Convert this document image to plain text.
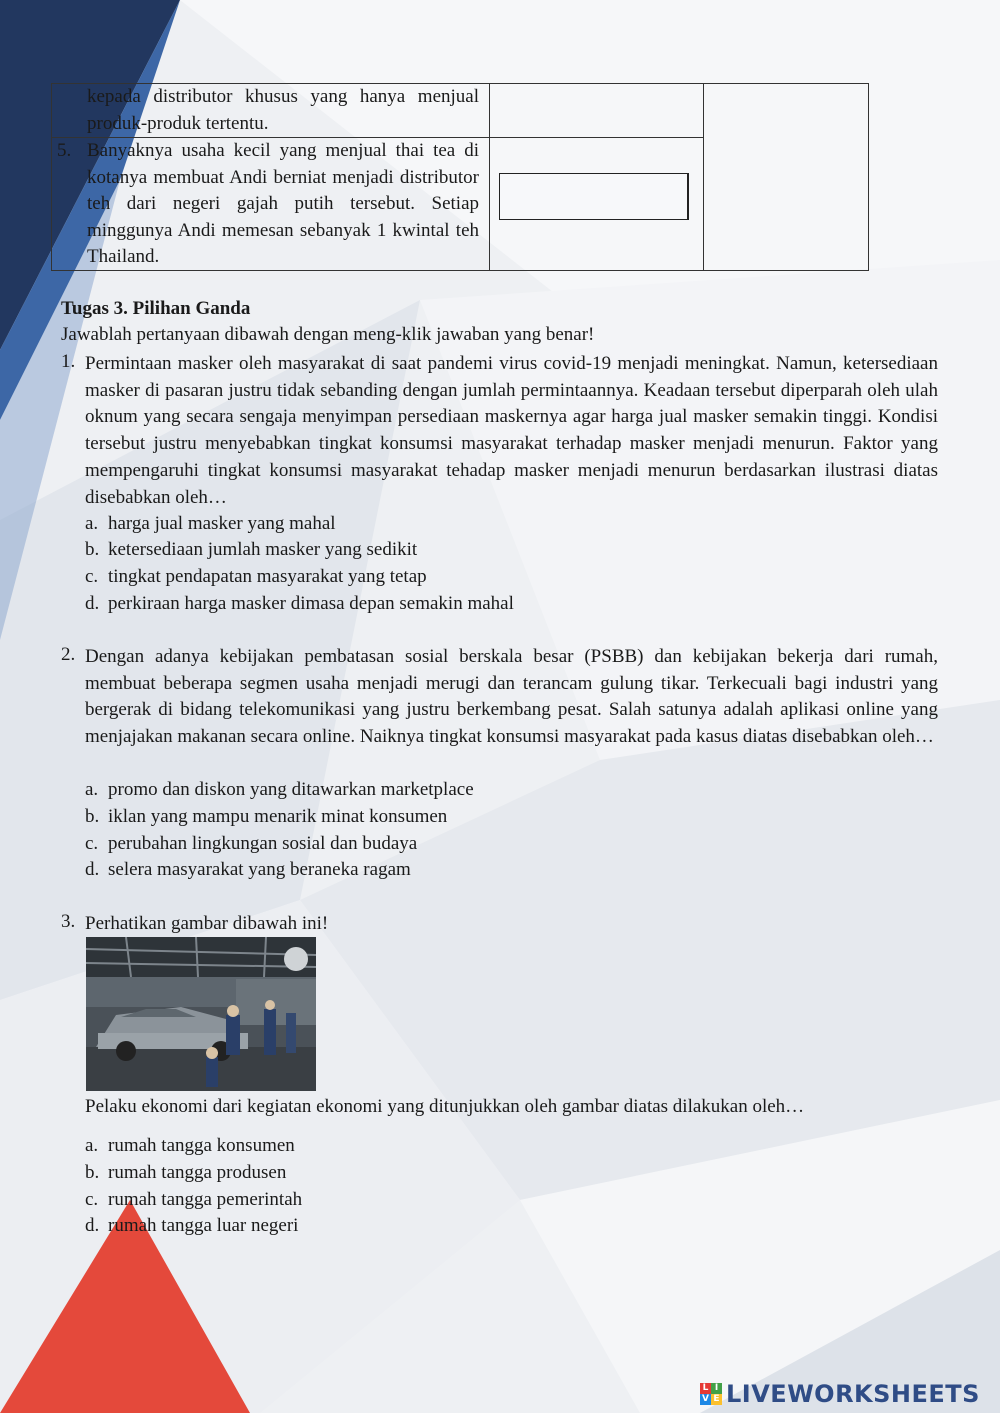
kepada distributor khusus yang hanya menjual produk-produk tertentu.
5. Banyaknya usaha kecil yang menjual thai tea di kotanya membuat Andi berniat menjadi distributor teh dari negeri gajah putih tersebut. Setiap minggunya Andi memesan sebanyak 1 kwintal teh Thailand.
Tugas 3. Pilihan Ganda
Jawablah pertanyaan dibawah dengan meng-klik jawaban yang benar!
1. Permintaan masker oleh masyarakat di saat pandemi virus covid-19 menjadi meningkat. Namun, ketersediaan masker di pasaran justru tidak sebanding dengan jumlah permintaannya. Keadaan tersebut diperparah oleh ulah oknum yang secara sengaja menyimpan persediaan maskernya agar harga jual masker semakin tinggi. Kondisi tersebut justru menyebabkan tingkat konsumsi masyarakat terhadap masker menjadi menurun. Faktor yang mempengaruhi tingkat konsumsi masyarakat tehadap masker menjadi menurun berdasarkan ilustrasi diatas disebabkan oleh…
a. harga jual masker yang mahal
b. ketersediaan jumlah masker yang sedikit
c. tingkat pendapatan masyarakat yang tetap
d. perkiraan harga masker dimasa depan semakin mahal
2. Dengan adanya kebijakan pembatasan sosial berskala besar (PSBB) dan kebijakan bekerja dari rumah, membuat beberapa segmen usaha menjadi merugi dan terancam gulung tikar. Terkecuali bagi industri yang bergerak di bidang telekomunikasi yang justru berkembang pesat. Salah satunya adalah aplikasi online yang menjajakan makanan secara online. Naiknya tingkat konsumsi masyarakat pada kasus diatas disebabkan oleh…
a. promo dan diskon yang ditawarkan marketplace
b. iklan yang mampu menarik minat konsumen
c. perubahan lingkungan sosial dan budaya
d. selera masyarakat yang beraneka ragam
3. Perhatikan gambar dibawah ini!
Pelaku ekonomi dari kegiatan ekonomi yang ditunjukkan oleh gambar diatas dilakukan oleh…
a. rumah tangga konsumen
b. rumah tangga produsen
c. rumah tangga pemerintah
d. rumah tangga luar negeri
L I
V E LIVEWORKSHEETS
